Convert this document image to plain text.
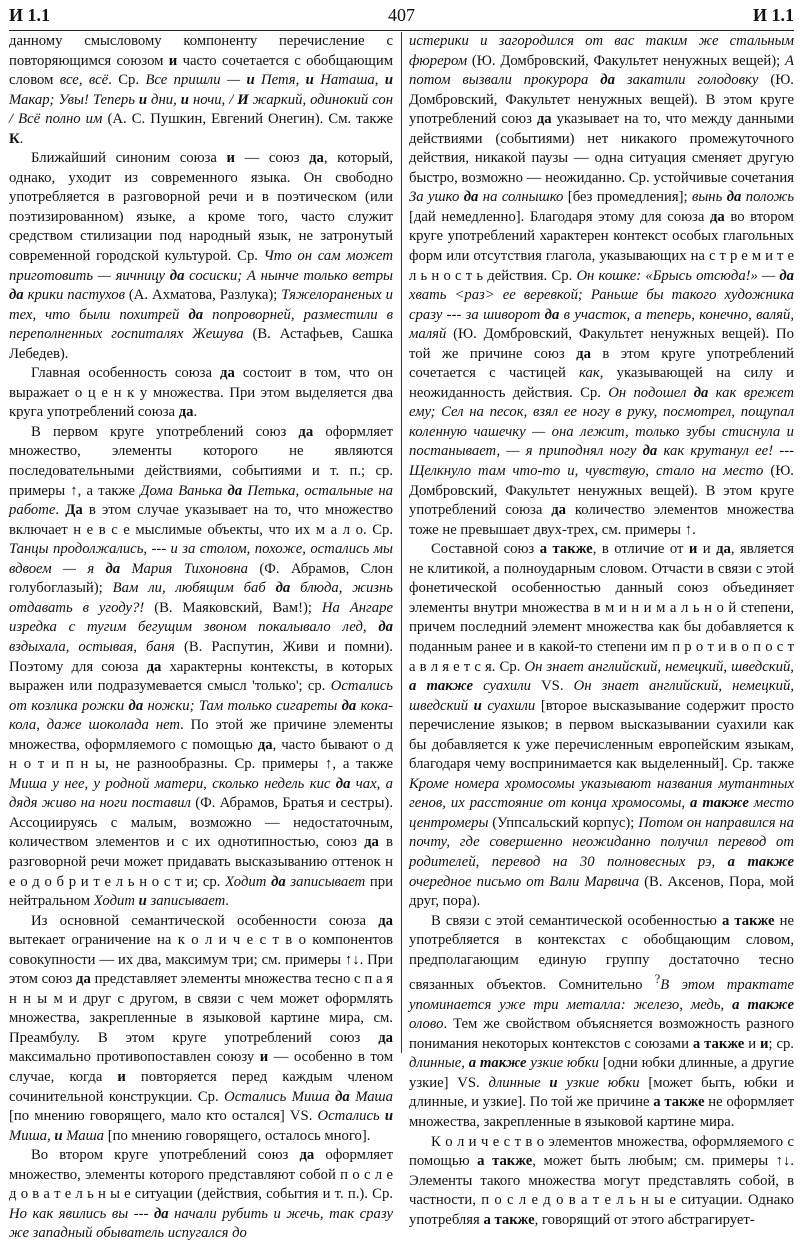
И 1.1	407	И 1.1

данному смысловому компоненту перечисление с повторяющимся союзом и часто сочетается с обобщающим словом все, всё. Ср. Все пришли — и Петя, и Наташа, и Макар; Увы! Теперь и дни, и ночи, / И жаркий, одинокий сон / Всё полно им (А. С. Пушкин, Евгений Онегин). См. также К.

Ближайший синоним союза и — союз да, который, однако, уходит из современного языка. Он свободно употребляется в разговорной речи и в поэтическом (или поэтизированном) языке, а кроме того, часто служит средством стилизации под народный язык, не затронутый современной городской культурой. Ср. Что он сам может приготовить — яичницу да сосиски; А нынче только ветры да крики пастухов (А. Ахматова, Разлука); Тяжелораненых и тех, что были похитрей да попроворней, разместили в переполненных госпиталях Жешува (В. Астафьев, Сашка Лебедев).

Главная особенность союза да состоит в том, что он выражает о ц е н к у множества. При этом выделяется два круга употреблений союза да.

В первом круге употреблений союз да оформляет множество, элементы которого не являются последовательными действиями, событиями и т. п.; ср. примеры ↑, а также Дома Ванька да Петька, остальные на работе. Да в этом случае указывает на то, что множество включает н е в с е мыслимые объекты, что их м а л о. Ср. Танцы продолжались, --- и за столом, похоже, остались мы вдвоем — я да Мария Тихоновна (Ф. Абрамов, Слон голубоглазый); Вам ли, любящим баб да блюда, жизнь отдавать в угоду?! (В. Маяковский, Вам!); На Ангаре изредка с тугим бегущим звоном покалывало лед, да вздыхала, остывая, баня (В. Распутин, Живи и помни). Поэтому для союза да характерны контексты, в которых выражен или подразумевается смысл 'только'; ср. Остались от козлика рожки да ножки; Там только сигареты да кока-кола, даже шоколада нет. По этой же причине элементы множества, оформляемого с помощью да, часто бывают о д н о т и п н ы, не разнообразны. Ср. примеры ↑, а также Миша у нее, у родной матери, сколько недель кис да чах, а дядя живо на ноги поставил (Ф. Абрамов, Братья и сестры). Ассоциируясь с малым, возможно — недостаточным, количеством элементов и с их однотипностью, союз да в разговорной речи может придавать высказыванию оттенок н е о д о б р и т е л ь н о с т и; ср. Ходит да записывает при нейтральном Ходит и записывает.

Из основной семантической особенности союза да вытекает ограничение на к о л и ч е с т в о компонентов совокупности — их два, максимум три; см. примеры ↑↓. При этом союз да представляет элементы множества тесно с п а я н н ы м и друг с другом, в связи с чем может оформлять множества, закрепленные в языковой картине мира, см. Преамбулу. В этом круге употреблений союз да максимально противопоставлен союзу и — особенно в том случае, когда и повторяется перед каждым членом сочинительной конструкции. Ср. Остались Миша да Маша [по мнению говорящего, мало кто остался] VS. Остались и Миша, и Маша [по мнению говорящего, осталось много].

Во втором круге употреблений союз да оформляет множество, элементы которого представляют собой п о с л е д о в а т е л ь н ы е ситуации (действия, события и т. п.). Ср. Но как явились вы --- да начали рубить и жечь, так сразу же западный обыватель испугался до

истерики и загородился от вас таким же стальным фюрером (Ю. Домбровский, Факультет ненужных вещей); А потом вызвали прокурора да закатили голодовку (Ю. Домбровский, Факультет ненужных вещей). В этом круге употреблений союз да указывает на то, что между данными действиями (событиями) нет никакого промежуточного действия, никакой паузы — одна ситуация сменяет другую быстро, возможно — неожиданно. Ср. устойчивые сочетания За ушко да на солнышко [без промедления]; вынь да положь [дай немедленно]. Благодаря этому для союза да во втором круге употреблений характерен контекст особых глагольных форм или отсутствия глагола, указывающих на с т р е м и т е л ь н о с т ь действия. Ср. Он кошке: «Брысь отсюда!» — да хвать <раз> ее веревкой; Раньше бы такого художника сразу --- за шиворот да в участок, а теперь, конечно, валяй, маляй (Ю. Домбровский, Факультет ненужных вещей). По той же причине союз да в этом круге употреблений сочетается с частицей как, указывающей на силу и неожиданность действия. Ср. Он подошел да как врежет ему; Сел на песок, взял ее ногу в руку, посмотрел, пощупал коленную чашечку — она лежит, только зубы стиснула и постанывает, — я приподнял ногу да как крутанул ее! --- Щелкнуло там что-то и, чувствую, стало на место (Ю. Домбровский, Факультет ненужных вещей). В этом круге употреблений союза да количество элементов множества тоже не превышает двух-трех, см. примеры ↑.

Составной союз а также, в отличие от и и да, является не клитикой, а полноударным словом. Отчасти в связи с этой фонетической особенностью данный союз объединяет элементы внутри множества в м и н и м а л ь н о й степени, причем последний элемент множества как бы добавляется к поданным ранее и в какой-то степени им п р о т и в о п о с т а в л я е т с я. Ср. Он знает английский, немецкий, шведский, а также суахили VS. Он знает английский, немецкий, шведский и суахили [второе высказывание содержит просто перечисление языков; в первом высказывании суахили как бы добавляется к уже перечисленным европейским языкам, благодаря чему воспринимается как выделенный]. Ср. также Кроме номера хромосомы указывают названия мутантных генов, их расстояние от конца хромосомы, а также место центромеры (Уппсальский корпус); Потом он направился на почту, где совершенно неожиданно получил перевод от родителей, перевод на 30 полновесных рэ, а также очередное письмо от Вали Марвича (В. Аксенов, Пора, мой друг, пора).

В связи с этой семантической особенностью а также не употребляется в контекстах с обобщающим словом, предполагающим единую группу достаточно тесно связанных объектов. Сомнительно ?В этом трактате упоминается уже три металла: железо, медь, а также олово. Тем же свойством объясняется возможность разного понимания некоторых контекстов с союзами а также и и; ср. длинные, а также узкие юбки [одни юбки длинные, а другие узкие] VS. длинные и узкие юбки [может быть, юбки и длинные, и узкие]. По той же причине а также не оформляет множества, закрепленные в языковой картине мира.

К о л и ч е с т в о элементов множества, оформляемого с помощью а также, может быть любым; см. примеры ↑↓. Элементы такого множества могут представлять собой, в частности, п о с л е д о в а т е л ь н ы е ситуации. Однако употребляя а также, говорящий от этого абстрагирует-
